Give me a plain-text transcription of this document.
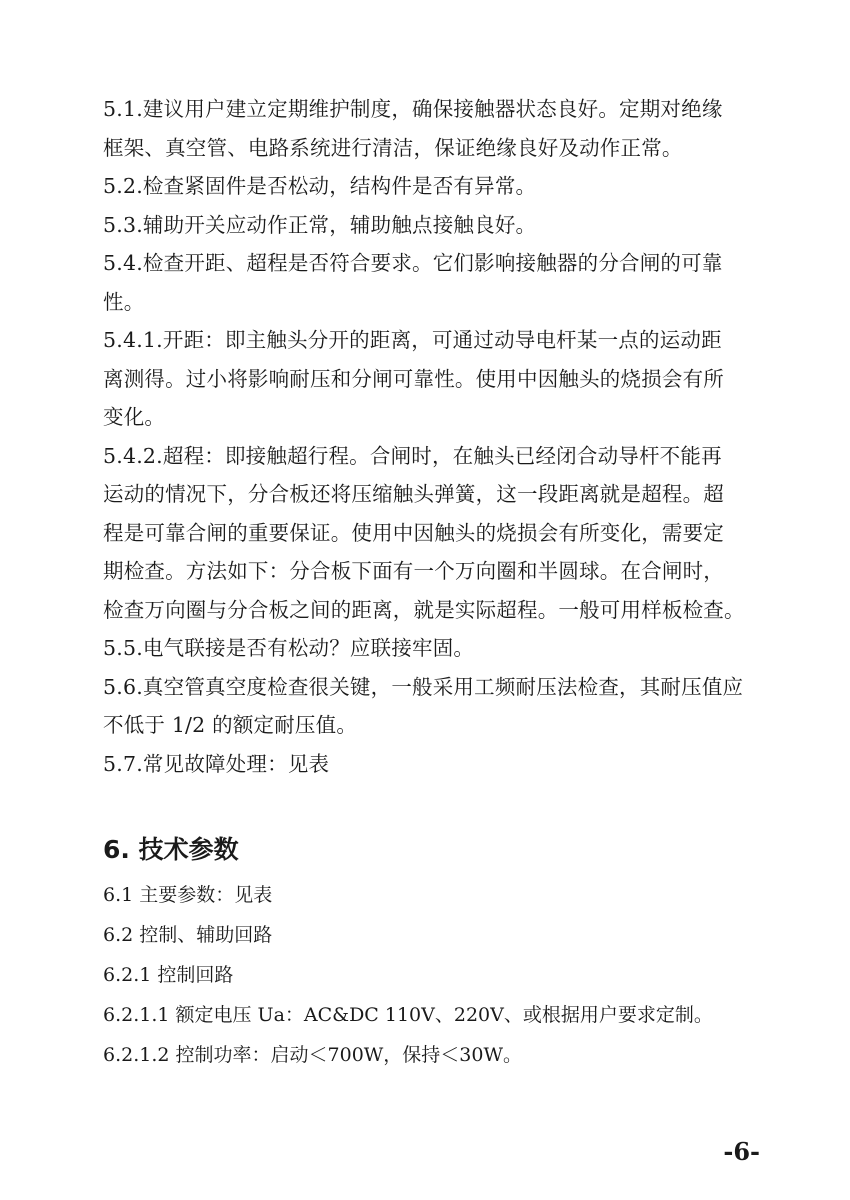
5.1.建议用户建立定期维护制度，确保接触器状态良好。定期对绝缘

框架、真空管、电路系统进行清洁，保证绝缘良好及动作正常。

5.2.检查紧固件是否松动，结构件是否有异常。

5.3.辅助开关应动作正常，辅助触点接触良好。

5.4.检查开距、超程是否符合要求。它们影响接触器的分合闸的可靠

性。

5.4.1.开距：即主触头分开的距离，可通过动导电杆某一点的运动距

离测得。过小将影响耐压和分闸可靠性。使用中因触头的烧损会有所

变化。

5.4.2.超程：即接触超行程。合闸时，在触头已经闭合动导杆不能再

运动的情况下，分合板还将压缩触头弹簧，这一段距离就是超程。超

程是可靠合闸的重要保证。使用中因触头的烧损会有所变化，需要定

期检查。方法如下：分合板下面有一个万向圈和半圆球。在合闸时，

检查万向圈与分合板之间的距离，就是实际超程。一般可用样板检查。

5.5.电气联接是否有松动？应联接牢固。

5.6.真空管真空度检查很关键，一般采用工频耐压法检查，其耐压值应

不低于 1/2 的额定耐压值。

5.7.常见故障处理：见表

6. 技术参数

6.1 主要参数：见表

6.2 控制、辅助回路

6.2.1 控制回路

6.2.1.1 额定电压 Ua：AC&DC 110V、220V、或根据用户要求定制。

6.2.1.2 控制功率：启动＜700W，保持＜30W。

-6-
